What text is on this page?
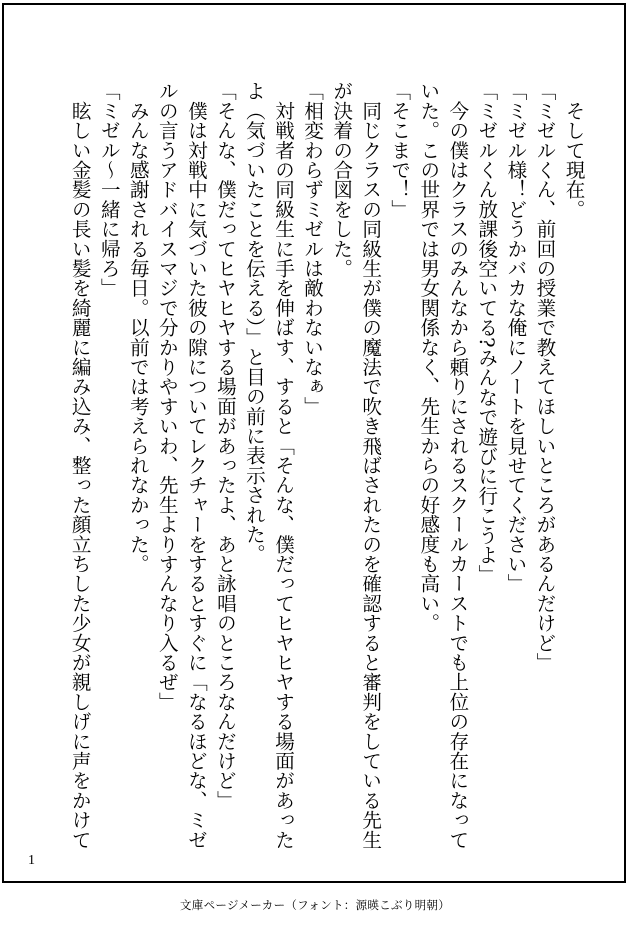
　そして現在。
「ミゼルくん、前回の授業で教えてほしいところがあるんだけど」
「ミゼル様！どうかバカな俺にノートを見せてください」
「ミゼルくん放課後空いてる?みんなで遊びに行こうよ」
　今の僕はクラスのみんなから頼りにされるスクールカーストでも上位の存在になって
いた。この世界では男女関係なく、先生からの好感度も高い。
「そこまで！」
　同じクラスの同級生が僕の魔法で吹き飛ばされたのを確認すると審判をしている先生
が決着の合図をした。
「相変わらずミゼルは敵わないなぁ」
　対戦者の同級生に手を伸ばす、すると「そんな、僕だってヒヤヒヤする場面があった
よ（気づいたことを伝える）」と目の前に表示された。
「そんな、僕だってヒヤヒヤする場面があったよ、あと詠唱のところなんだけど」
　僕は対戦中に気づいた彼の隙についてレクチャーをするとすぐに「なるほどな、ミゼ
ルの言うアドバイスマジで分かりやすいわ、先生よりすんなり入るぜ」
　みんな感謝される毎日。以前では考えられなかった。
「ミゼル～一緒に帰ろ」
　眩しい金髪の長い髪を綺麗に編み込み、整った顔立ちした少女が親しげに声をかけて
1
文庫ページメーカー（フォント：源暎こぶり明朝）
